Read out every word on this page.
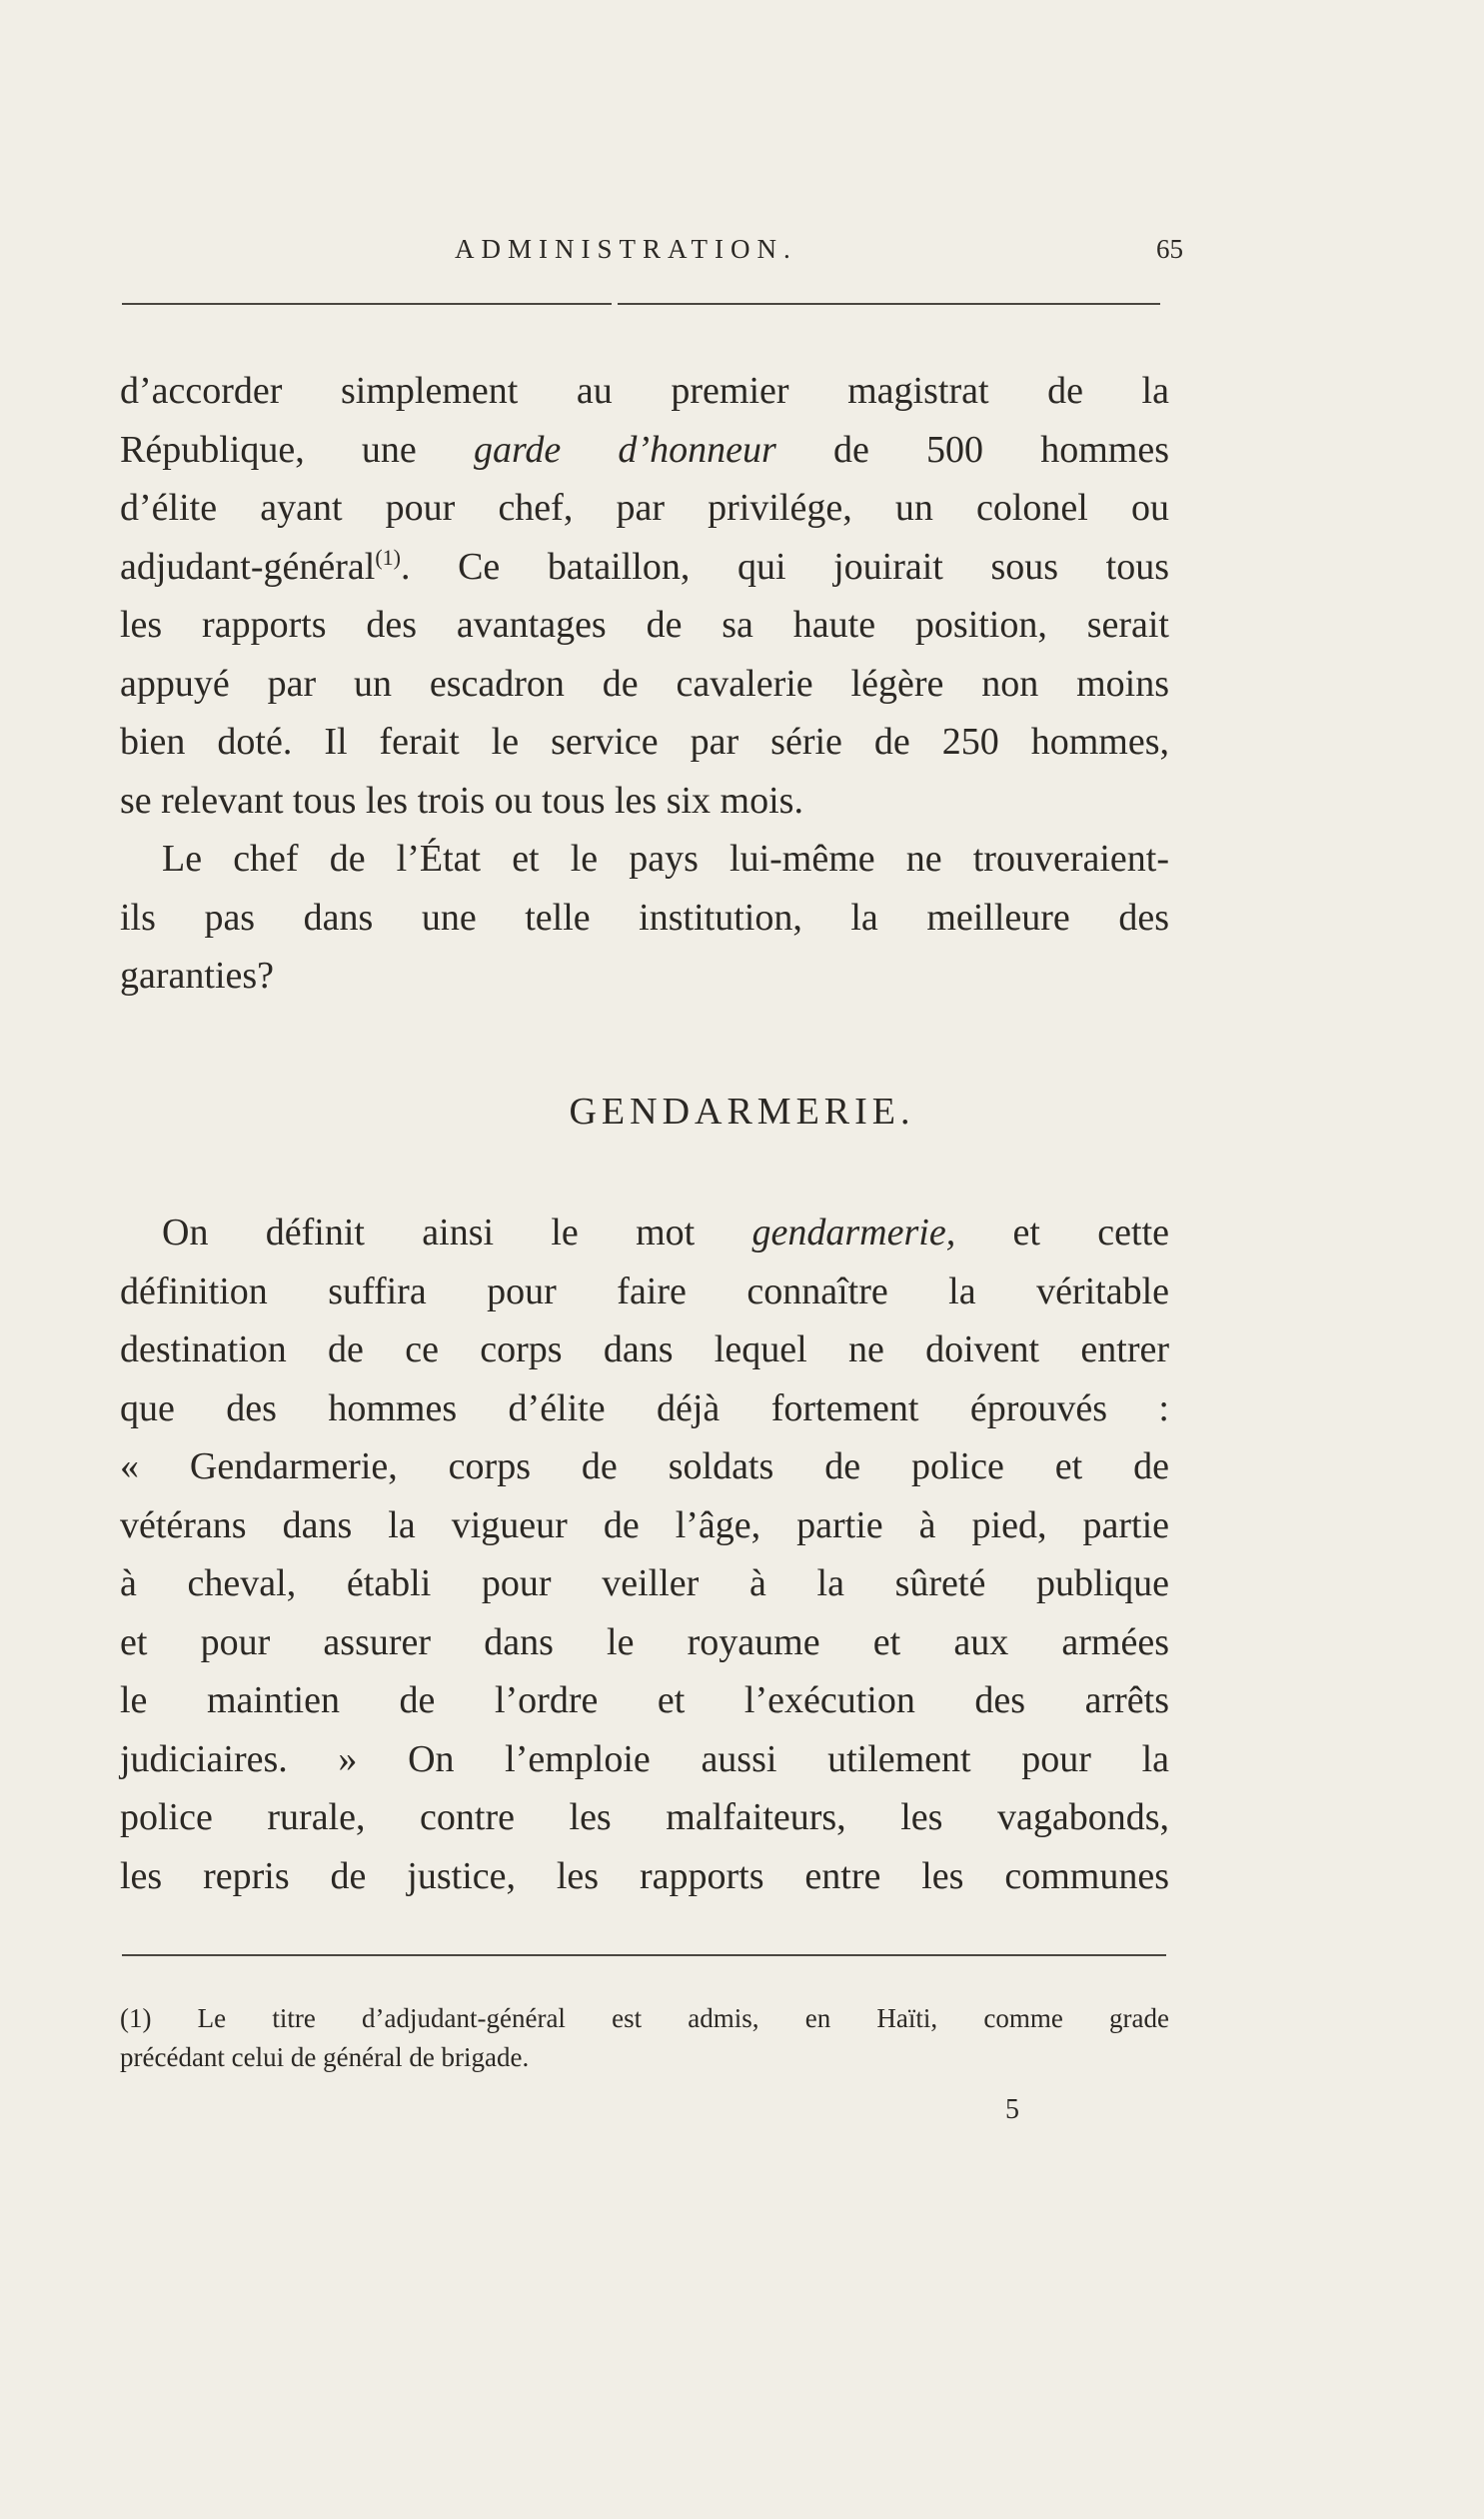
ADMINISTRATION.	65
d’accorder simplement au premier magistrat de la
République, une garde d’honneur de 500 hommes
d’élite ayant pour chef, par privilége, un colonel ou
adjudant-général$^{(1)}$. Ce bataillon, qui jouirait sous tous
les rapports des avantages de sa haute position, serait
appuyé par un escadron de cavalerie légère non moins
bien doté. Il ferait le service par série de 250 hommes,
se relevant tous les trois ou tous les six mois.
Le chef de l’État et le pays lui-même ne trouveraient-
ils pas dans une telle institution, la meilleure des
garanties?
GENDARMERIE.
On définit ainsi le mot gendarmerie, et cette
définition suffira pour faire connaître la véritable
destination de ce corps dans lequel ne doivent entrer
que des hommes d’élite déjà fortement éprouvés :
« Gendarmerie, corps de soldats de police et de
vétérans dans la vigueur de l’âge, partie à pied, partie
à cheval, établi pour veiller à la sûreté publique
et pour assurer dans le royaume et aux armées
le maintien de l’ordre et l’exécution des arrêts
judiciaires. » On l’emploie aussi utilement pour la
police rurale, contre les malfaiteurs, les vagabonds,
les repris de justice, les rapports entre les communes
(1) Le titre d’adjudant-général est admis, en Haïti, comme grade
précédant celui de général de brigade.
5
